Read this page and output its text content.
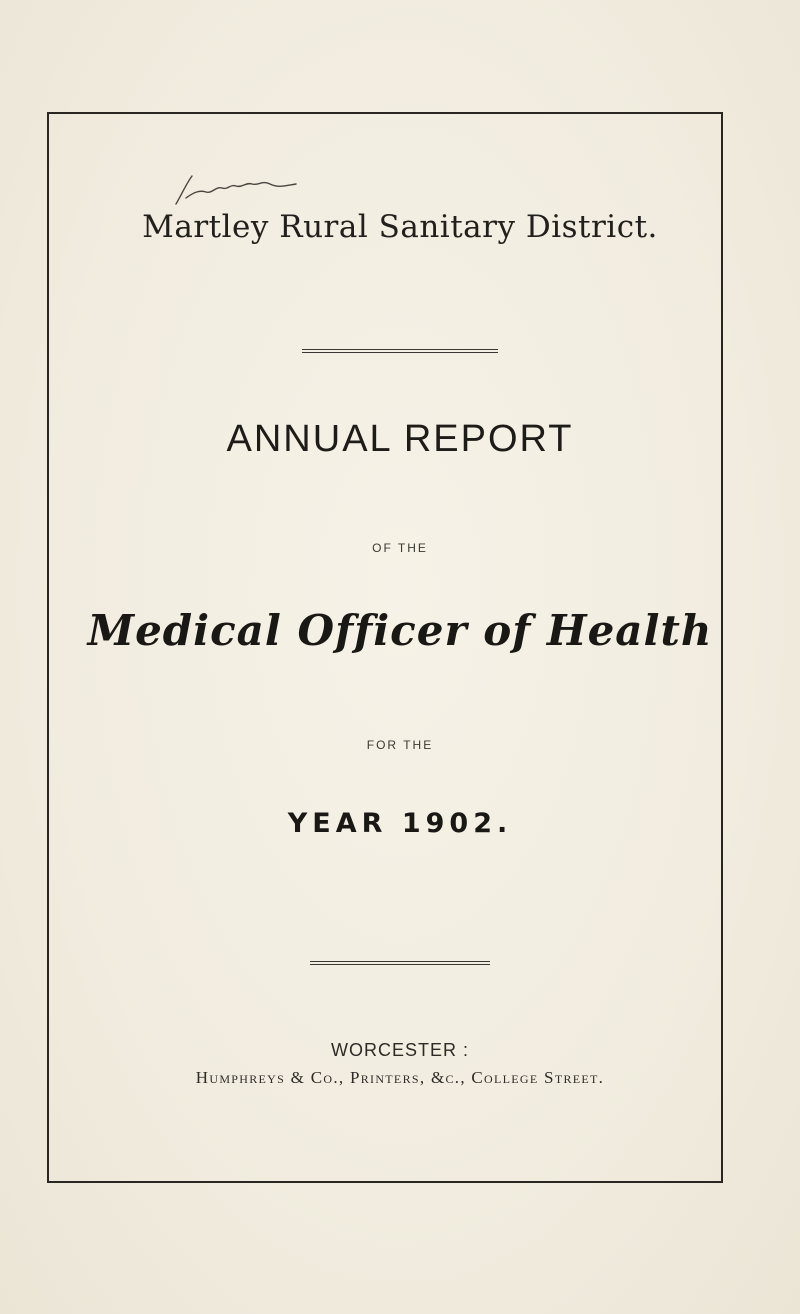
Martley Rural Sanitary District.
ANNUAL REPORT
OF THE
Medical Officer of Health
FOR THE
YEAR 1902.
WORCESTER :
Humphreys & Co., Printers, &c., College Street.
